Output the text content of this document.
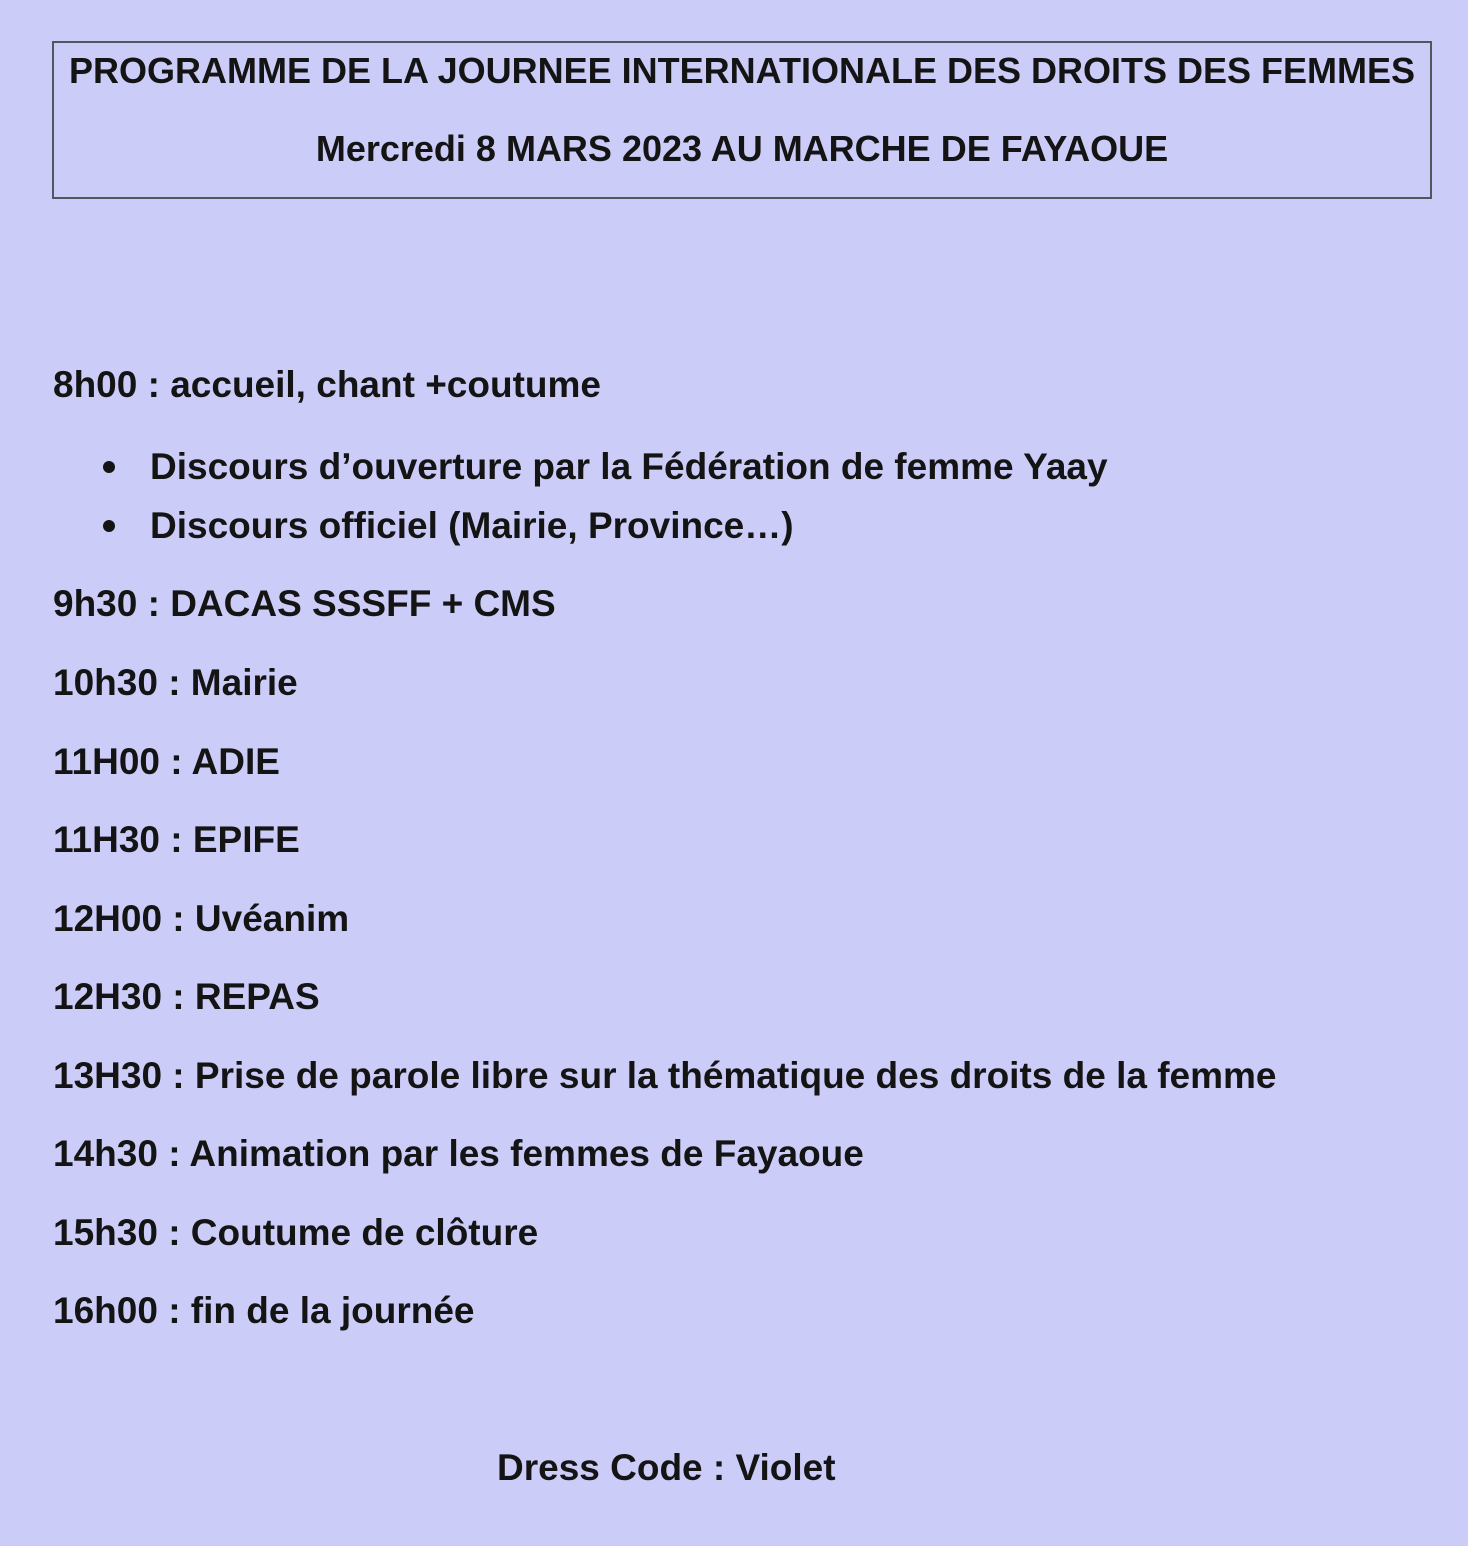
PROGRAMME DE LA JOURNEE INTERNATIONALE DES DROITS DES FEMMES
Mercredi 8 MARS 2023 AU MARCHE DE FAYAOUE
8h00 : accueil, chant +coutume
Discours d’ouverture par la Fédération de femme Yaay
Discours officiel (Mairie, Province…)
9h30 : DACAS SSSFF + CMS
10h30 : Mairie
11H00 : ADIE
11H30 : EPIFE
12H00 : Uvéanim
12H30 : REPAS
13H30 : Prise de parole libre sur la thématique des droits de la femme
14h30 : Animation par les femmes de Fayaoue
15h30 : Coutume de clôture
16h00 : fin de la journée
Dress Code : Violet
